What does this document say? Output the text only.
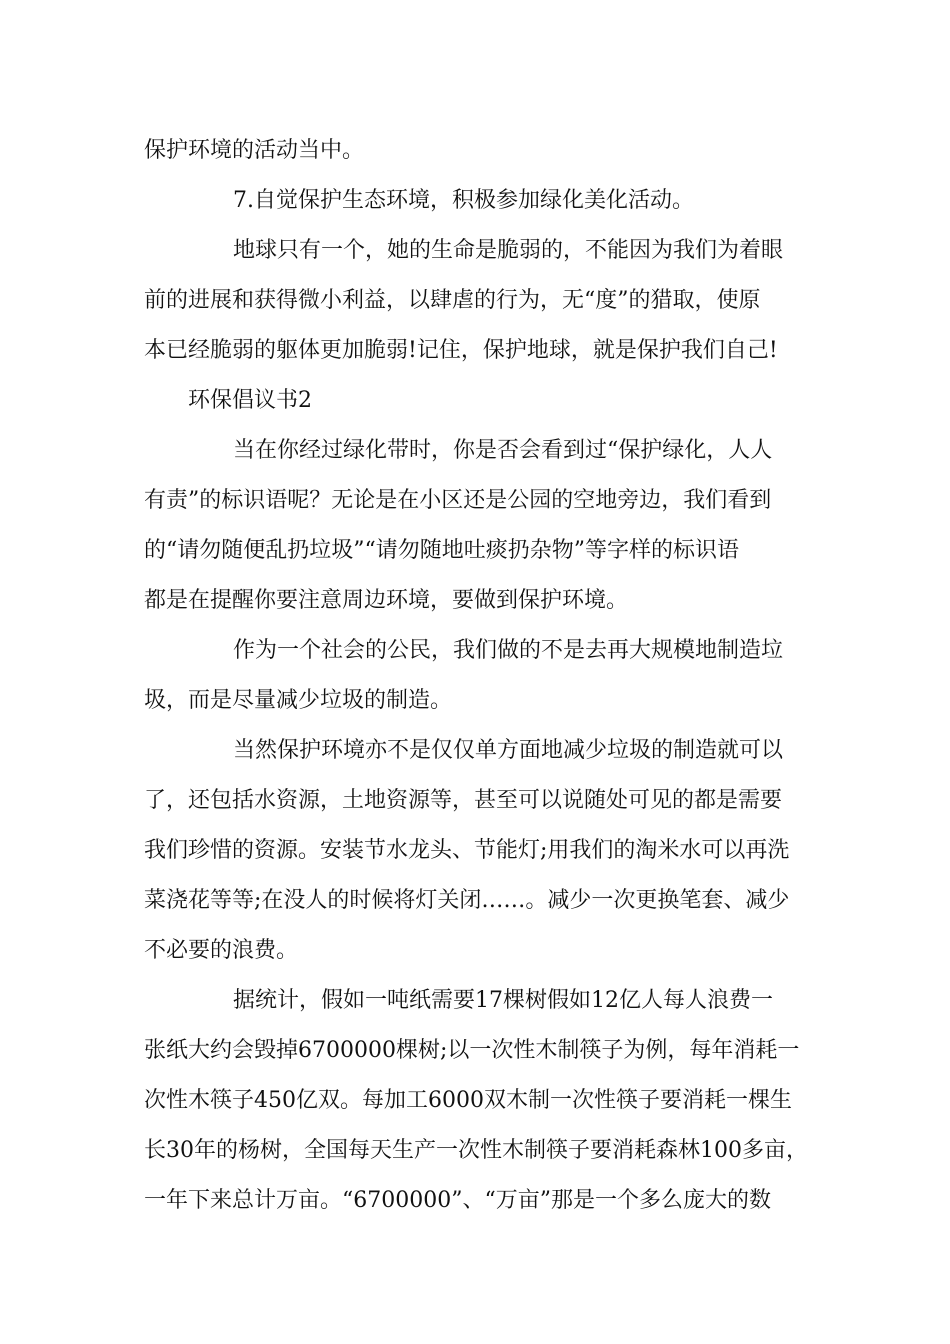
保护环境的活动当中。
7.自觉保护生态环境，积极参加绿化美化活动。
地球只有一个，她的生命是脆弱的，不能因为我们为着眼
前的进展和获得微小利益，以肆虐的行为，无“度”的猎取，使原
本已经脆弱的躯体更加脆弱!记住，保护地球，就是保护我们自己!
环保倡议书2
当在你经过绿化带时，你是否会看到过“保护绿化，人人
有责”的标识语呢？无论是在小区还是公园的空地旁边，我们看到
的“请勿随便乱扔垃圾”“请勿随地吐痰扔杂物”等字样的标识语
都是在提醒你要注意周边环境，要做到保护环境。
作为一个社会的公民，我们做的不是去再大规模地制造垃
圾，而是尽量减少垃圾的制造。
当然保护环境亦不是仅仅单方面地减少垃圾的制造就可以
了，还包括水资源，土地资源等，甚至可以说随处可见的都是需要
我们珍惜的资源。安装节水龙头、节能灯;用我们的淘米水可以再洗
菜浇花等等;在没人的时候将灯关闭……。减少一次更换笔套、减少
不必要的浪费。
据统计，假如一吨纸需要17棵树假如12亿人每人浪费一
张纸大约会毁掉6700000棵树;以一次性木制筷子为例，每年消耗一
次性木筷子450亿双。每加工6000双木制一次性筷子要消耗一棵生
长30年的杨树，全国每天生产一次性木制筷子要消耗森林100多亩，
一年下来总计万亩。“6700000”、“万亩”那是一个多么庞大的数
